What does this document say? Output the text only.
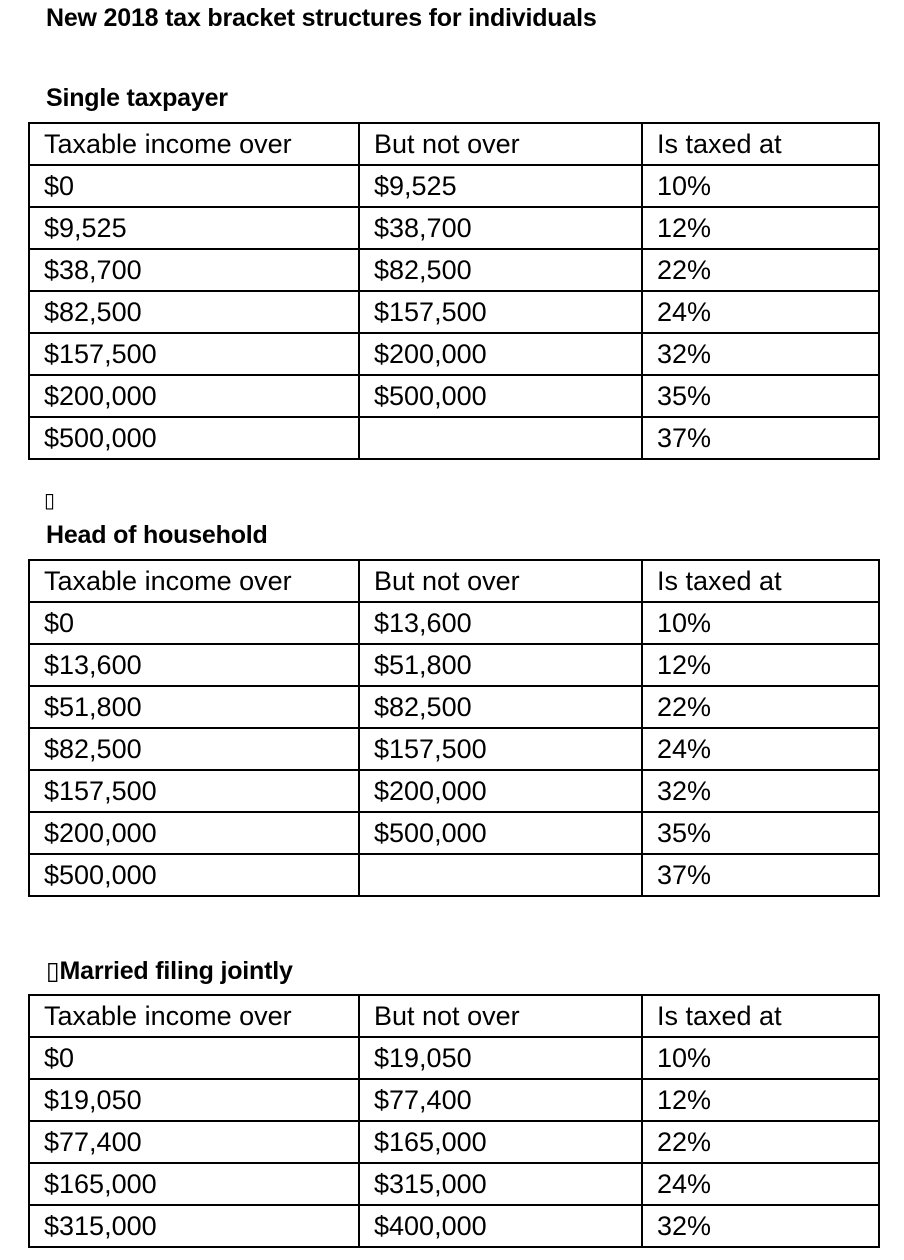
New 2018 tax bracket structures for individuals
Single taxpayer
Taxable income over	But not over	Is taxed at
$0	$9,525	10%
$9,525	$38,700	12%
$38,700	$82,500	22%
$82,500	$157,500	24%
$157,500	$200,000	32%
$200,000	$500,000	35%
$500,000		37%
▯
Head of household
Taxable income over	But not over	Is taxed at
$0	$13,600	10%
$13,600	$51,800	12%
$51,800	$82,500	22%
$82,500	$157,500	24%
$157,500	$200,000	32%
$200,000	$500,000	35%
$500,000		37%
▯Married filing jointly
Taxable income over	But not over	Is taxed at
$0	$19,050	10%
$19,050	$77,400	12%
$77,400	$165,000	22%
$165,000	$315,000	24%
$315,000	$400,000	32%
